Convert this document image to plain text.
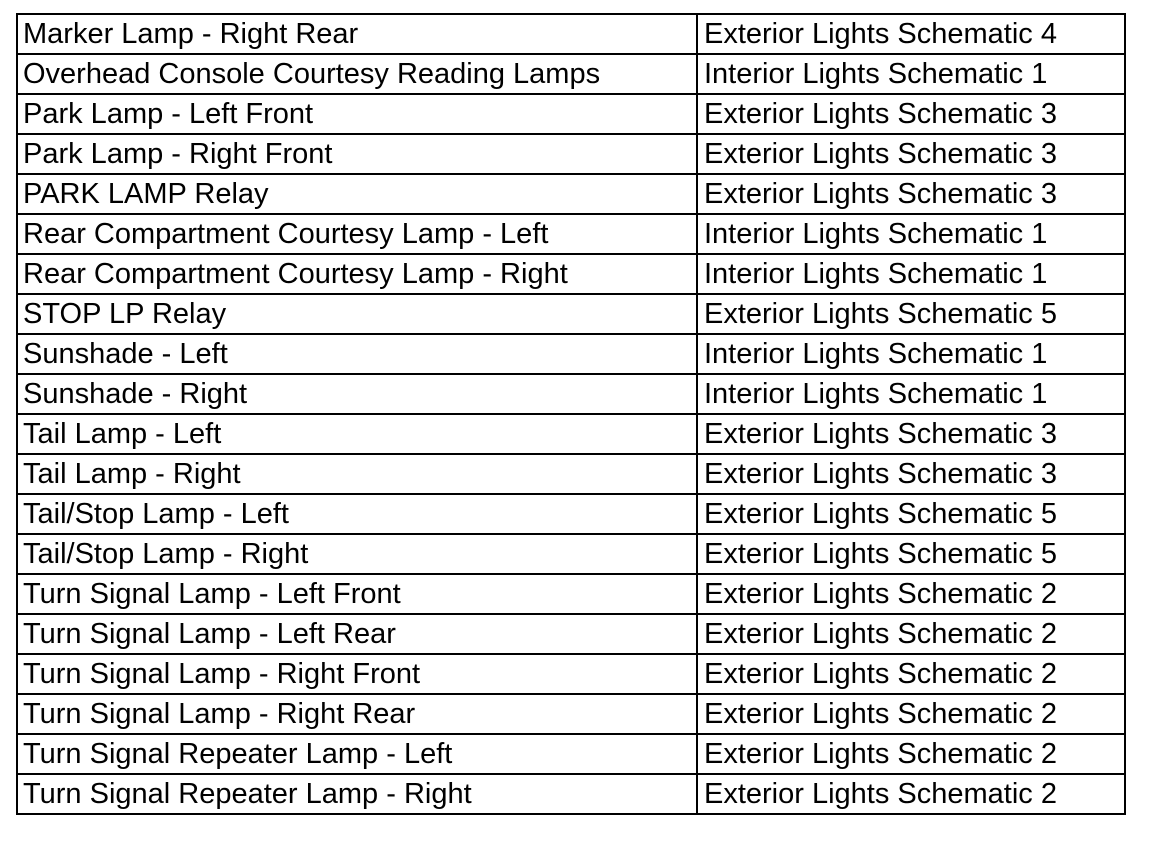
Marker Lamp - Right Rear	Exterior Lights Schematic 4
Overhead Console Courtesy Reading Lamps	Interior Lights Schematic 1
Park Lamp - Left Front	Exterior Lights Schematic 3
Park Lamp - Right Front	Exterior Lights Schematic 3
PARK LAMP Relay	Exterior Lights Schematic 3
Rear Compartment Courtesy Lamp - Left	Interior Lights Schematic 1
Rear Compartment Courtesy Lamp - Right	Interior Lights Schematic 1
STOP LP Relay	Exterior Lights Schematic 5
Sunshade - Left	Interior Lights Schematic 1
Sunshade - Right	Interior Lights Schematic 1
Tail Lamp - Left	Exterior Lights Schematic 3
Tail Lamp - Right	Exterior Lights Schematic 3
Tail/Stop Lamp - Left	Exterior Lights Schematic 5
Tail/Stop Lamp - Right	Exterior Lights Schematic 5
Turn Signal Lamp - Left Front	Exterior Lights Schematic 2
Turn Signal Lamp - Left Rear	Exterior Lights Schematic 2
Turn Signal Lamp - Right Front	Exterior Lights Schematic 2
Turn Signal Lamp - Right Rear	Exterior Lights Schematic 2
Turn Signal Repeater Lamp - Left	Exterior Lights Schematic 2
Turn Signal Repeater Lamp - Right	Exterior Lights Schematic 2
